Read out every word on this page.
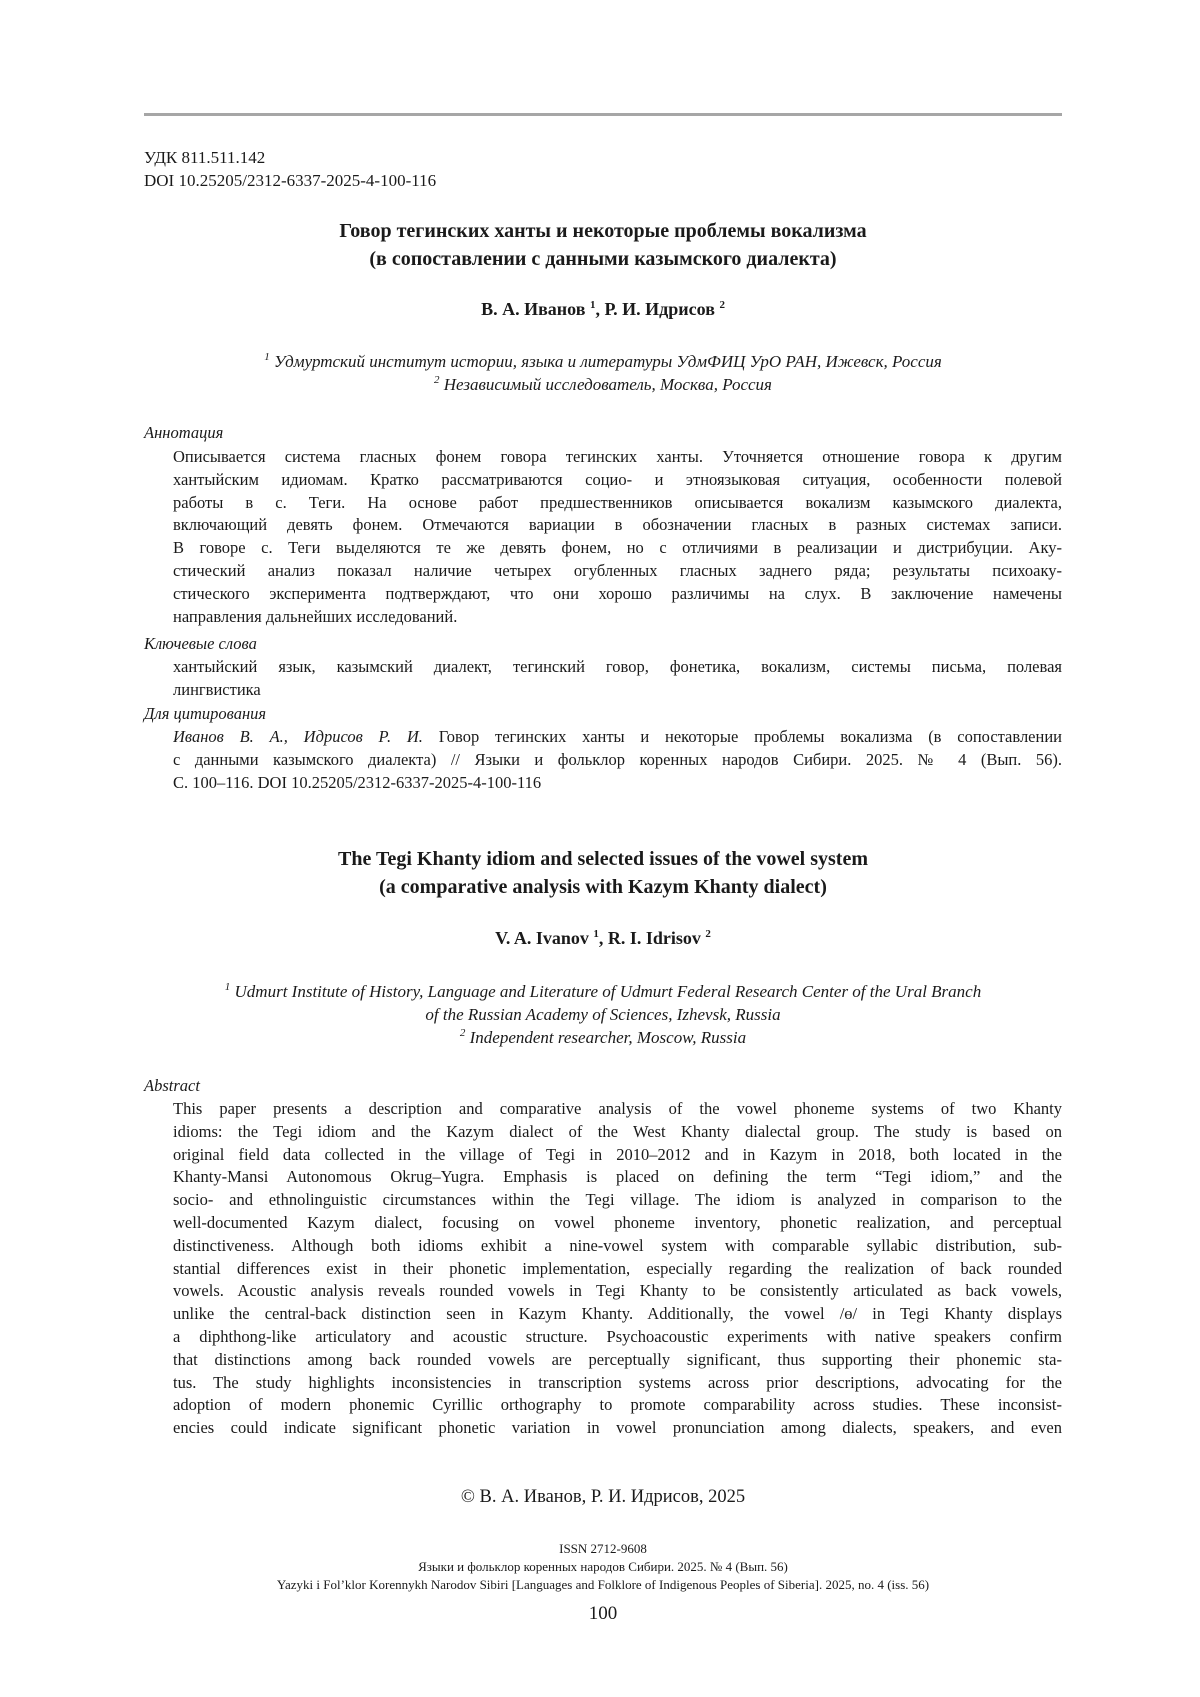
УДК 811.511.142
DOI 10.25205/2312-6337-2025-4-100-116
Говор тегинских ханты и некоторые проблемы вокализма
(в сопоставлении с данными казымского диалекта)
В. А. Иванов $^1$, Р. И. Идрисов $^2$
$^1$ Удмуртский институт истории, языка и литературы УдмФИЦ УрО РАН, Ижевск, Россия
$^2$ Независимый исследователь, Москва, Россия
Аннотация
Описывается система гласных фонем говора тегинских ханты. Уточняется отношение говора к другим
хантыйским идиомам. Кратко рассматриваются социо- и этноязыковая ситуация, особенности полевой
работы в с. Теги. На основе работ предшественников описывается вокализм казымского диалекта,
включающий девять фонем. Отмечаются вариации в обозначении гласных в разных системах записи.
В говоре с. Теги выделяются те же девять фонем, но с отличиями в реализации и дистрибуции. Аку-
стический анализ показал наличие четырех огубленных гласных заднего ряда; результаты психоаку-
стического эксперимента подтверждают, что они хорошо различимы на слух. В заключение намечены
направления дальнейших исследований.
Ключевые слова
хантыйский язык, казымский диалект, тегинский говор, фонетика, вокализм, системы письма, полевая
лингвистика
Для цитирования
Иванов В. А., Идрисов Р. И. Говор тегинских ханты и некоторые проблемы вокализма (в сопоставлении
с данными казымского диалекта) // Языки и фольклор коренных народов Сибири. 2025. № 4 (Вып. 56).
С. 100–116. DOI 10.25205/2312-6337-2025-4-100-116
The Tegi Khanty idiom and selected issues of the vowel system
(a comparative analysis with Kazym Khanty dialect)
V. A. Ivanov $^1$, R. I. Idrisov $^2$
$^1$ Udmurt Institute of History, Language and Literature of Udmurt Federal Research Center of the Ural Branch
of the Russian Academy of Sciences, Izhevsk, Russia
$^2$ Independent researcher, Moscow, Russia
Abstract
This paper presents a description and comparative analysis of the vowel phoneme systems of two Khanty
idioms: the Tegi idiom and the Kazym dialect of the West Khanty dialectal group. The study is based on
original field data collected in the village of Tegi in 2010–2012 and in Kazym in 2018, both located in the
Khanty-Mansi Autonomous Okrug–Yugra. Emphasis is placed on defining the term “Tegi idiom,” and the
socio- and ethnolinguistic circumstances within the Tegi village. The idiom is analyzed in comparison to the
well-documented Kazym dialect, focusing on vowel phoneme inventory, phonetic realization, and perceptual
distinctiveness. Although both idioms exhibit a nine-vowel system with comparable syllabic distribution, sub-
stantial differences exist in their phonetic implementation, especially regarding the realization of back rounded
vowels. Acoustic analysis reveals rounded vowels in Tegi Khanty to be consistently articulated as back vowels,
unlike the central-back distinction seen in Kazym Khanty. Additionally, the vowel /ɵ/ in Tegi Khanty displays
a diphthong-like articulatory and acoustic structure. Psychoacoustic experiments with native speakers confirm
that distinctions among back rounded vowels are perceptually significant, thus supporting their phonemic sta-
tus. The study highlights inconsistencies in transcription systems across prior descriptions, advocating for the
adoption of modern phonemic Cyrillic orthography to promote comparability across studies. These inconsist-
encies could indicate significant phonetic variation in vowel pronunciation among dialects, speakers, and even
© В. А. Иванов, Р. И. Идрисов, 2025
ISSN 2712-9608
Языки и фольклор коренных народов Сибири. 2025. № 4 (Вып. 56)
Yazyki i Fol’klor Korennykh Narodov Sibiri [Languages and Folklore of Indigenous Peoples of Siberia]. 2025, no. 4 (iss. 56)
100
